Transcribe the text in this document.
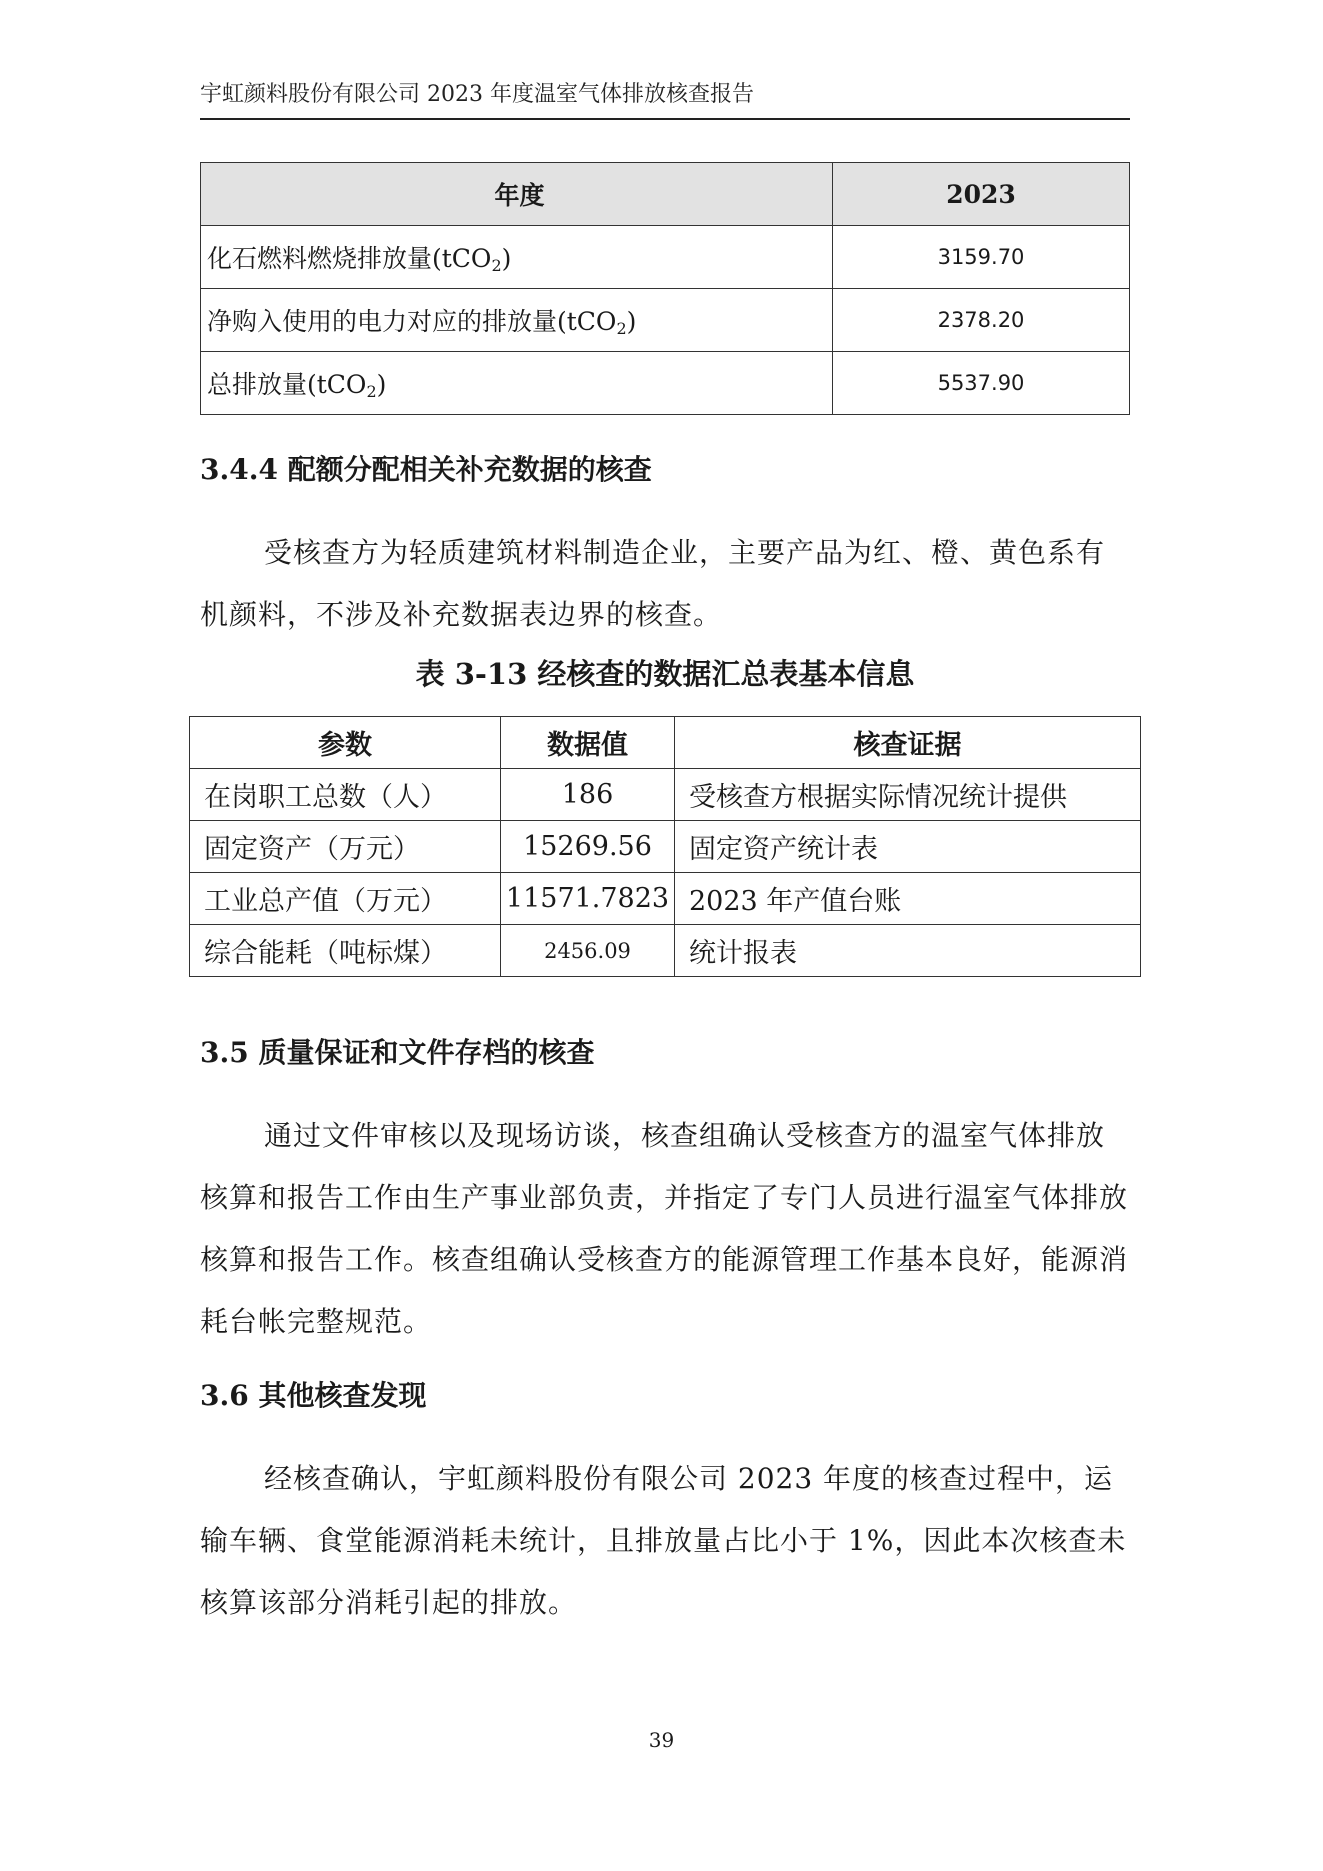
宇虹颜料股份有限公司 2023 年度温室气体排放核查报告
年度	2023
化石燃料燃烧排放量(tCO$_2$)	3159.70
净购入使用的电力对应的排放量(tCO$_2$)	2378.20
总排放量(tCO$_2$)	5537.90
3.4.4 配额分配相关补充数据的核查
受核查方为轻质建筑材料制造企业，主要产品为红、橙、黄色系有机颜料，不涉及补充数据表边界的核查。
表 3-13 经核查的数据汇总表基本信息
参数	数据值	核查证据
在岗职工总数（人）	186	受核查方根据实际情况统计提供
固定资产（万元）	15269.56	固定资产统计表
工业总产值（万元）	11571.7823	2023 年产值台账
综合能耗（吨标煤）	2456.09	统计报表
3.5 质量保证和文件存档的核查
通过文件审核以及现场访谈，核查组确认受核查方的温室气体排放核算和报告工作由生产事业部负责，并指定了专门人员进行温室气体排放核算和报告工作。核查组确认受核查方的能源管理工作基本良好，能源消耗台帐完整规范。
3.6 其他核查发现
经核查确认，宇虹颜料股份有限公司 2023 年度的核查过程中，运输车辆、食堂能源消耗未统计，且排放量占比小于 1%，因此本次核查未核算该部分消耗引起的排放。
39
